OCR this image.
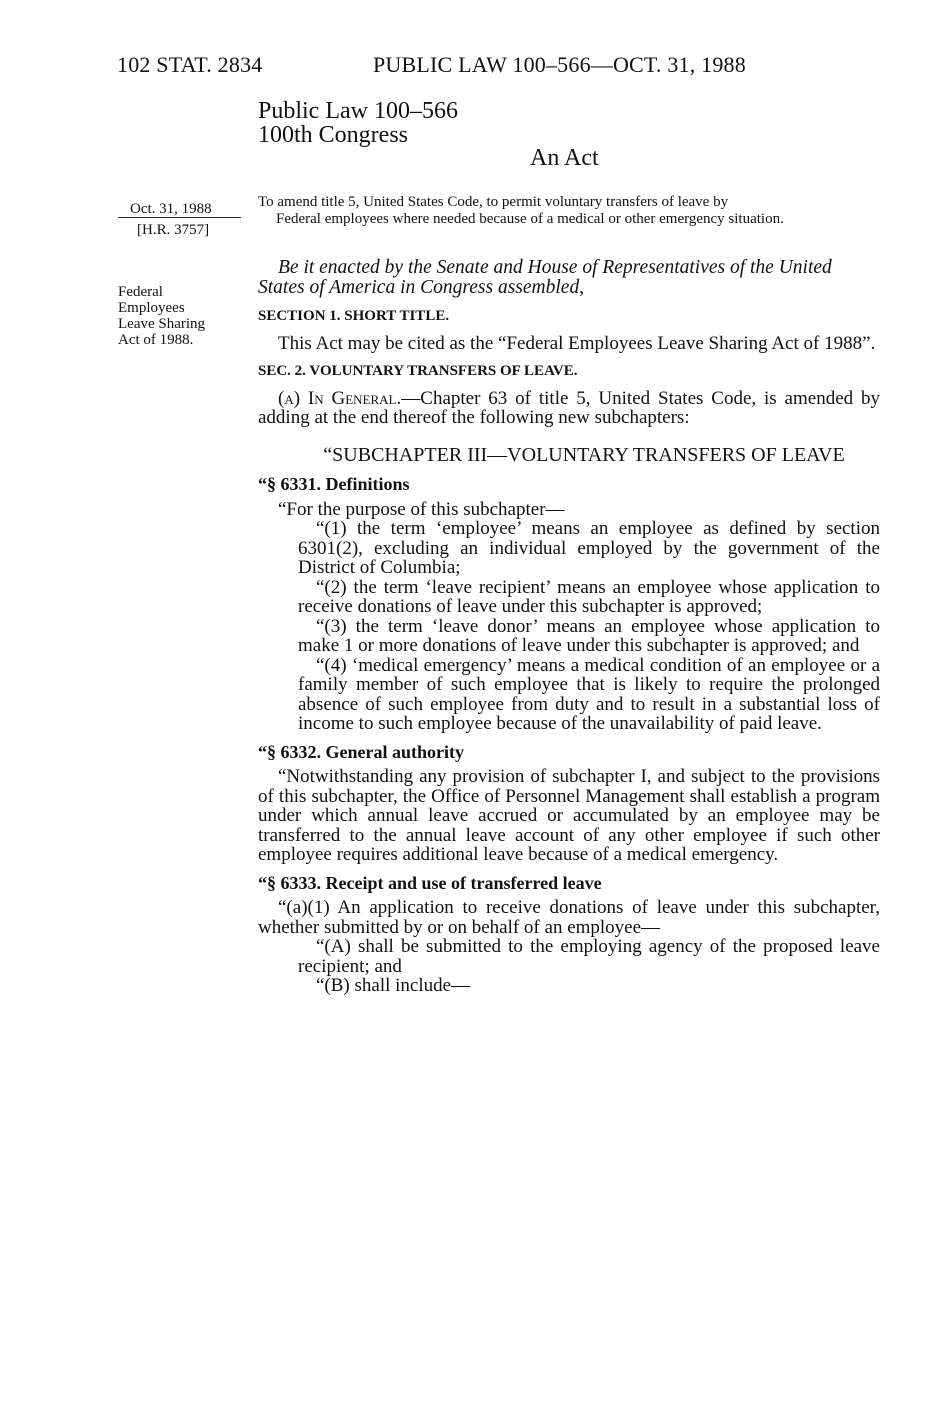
102 STAT. 2834	PUBLIC LAW 100–566—OCT. 31, 1988
Public Law 100–566
100th Congress
An Act
Oct. 31, 1988
[H.R. 3757]
Federal
Employees
Leave Sharing
Act of 1988.
To amend title 5, United States Code, to permit voluntary transfers of leave by
Federal employees where needed because of a medical or other emergency situation.

Be it enacted by the Senate and House of Representatives of the United States of America in Congress assembled,

SECTION 1. SHORT TITLE.

This Act may be cited as the “Federal Employees Leave Sharing Act of 1988”.

SEC. 2. VOLUNTARY TRANSFERS OF LEAVE.

(a) In General.—Chapter 63 of title 5, United States Code, is amended by adding at the end thereof the following new subchapters:

“SUBCHAPTER III—VOLUNTARY TRANSFERS OF LEAVE

“§ 6331. Definitions

“For the purpose of this subchapter—

“(1) the term ‘employee’ means an employee as defined by section 6301(2), excluding an individual employed by the government of the District of Columbia;

“(2) the term ‘leave recipient’ means an employee whose application to receive donations of leave under this subchapter is approved;

“(3) the term ‘leave donor’ means an employee whose application to make 1 or more donations of leave under this subchapter is approved; and

“(4) ‘medical emergency’ means a medical condition of an employee or a family member of such employee that is likely to require the prolonged absence of such employee from duty and to result in a substantial loss of income to such employee because of the unavailability of paid leave.

“§ 6332. General authority

“Notwithstanding any provision of subchapter I, and subject to the provisions of this subchapter, the Office of Personnel Management shall establish a program under which annual leave accrued or accumulated by an employee may be transferred to the annual leave account of any other employee if such other employee requires additional leave because of a medical emergency.

“§ 6333. Receipt and use of transferred leave

“(a)(1) An application to receive donations of leave under this subchapter, whether submitted by or on behalf of an employee—

“(A) shall be submitted to the employing agency of the proposed leave recipient; and

“(B) shall include—
